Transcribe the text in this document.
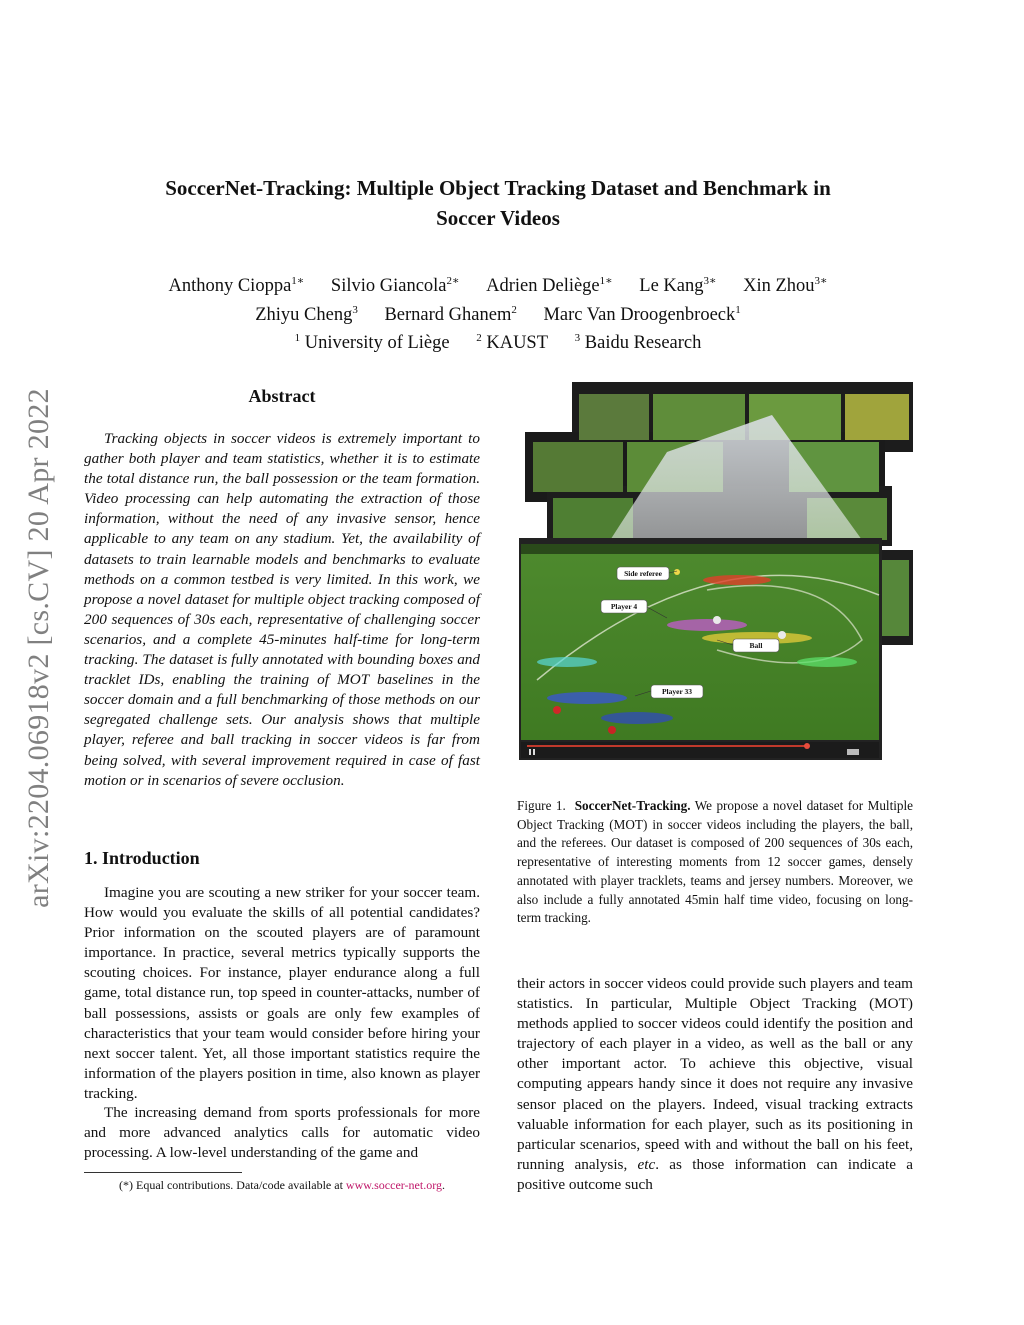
arXiv:2204.06918v2 [cs.CV] 20 Apr 2022
SoccerNet-Tracking: Multiple Object Tracking Dataset and Benchmark in
Soccer Videos
Anthony Cioppa$^{1∗}$ Silvio Giancola$^{2∗}$ Adrien Deliège$^{1∗}$ Le Kang$^{3∗}$ Xin Zhou$^{3∗}$
Zhiyu Cheng$^3$ Bernard Ghanem$^2$ Marc Van Droogenbroeck$^1$
$^1$ University of Liège $^2$ KAUST $^3$ Baidu Research
Abstract
Tracking objects in soccer videos is extremely important to gather both player and team statistics, whether it is to estimate the total distance run, the ball possession or the team formation. Video processing can help automating the extraction of those information, without the need of any invasive sensor, hence applicable to any team on any stadium. Yet, the availability of datasets to train learnable models and benchmarks to evaluate methods on a common testbed is very limited. In this work, we propose a novel dataset for multiple object tracking composed of 200 sequences of 30s each, representative of challenging soccer scenarios, and a complete 45-minutes half-time for long-term tracking. The dataset is fully annotated with bounding boxes and tracklet IDs, enabling the training of MOT baselines in the soccer domain and a full benchmarking of those methods on our segregated challenge sets. Our analysis shows that multiple player, referee and ball tracking in soccer videos is far from being solved, with several improvement required in case of fast motion or in scenarios of severe occlusion.
1. Introduction

Imagine you are scouting a new striker for your soccer team. How would you evaluate the skills of all potential candidates? Prior information on the scouted players are of paramount importance. In practice, several metrics typically supports the scouting choices. For instance, player endurance along a full game, total distance run, top speed in counter-attacks, number of ball possessions, assists or goals are only few examples of characteristics that your team would consider before hiring your next soccer talent. Yet, all those important statistics require the information of the players position in time, also known as player tracking.

The increasing demand from sports professionals for more and more advanced analytics calls for automatic video processing. A low-level understanding of the game and

(*) Equal contributions. Data/code available at www.soccer-net.org.
Side referee
Player 4
Ball
Player 33
Figure 1. SoccerNet-Tracking. We propose a novel dataset for Multiple Object Tracking (MOT) in soccer videos including the players, the ball, and the referees. Our dataset is composed of 200 sequences of 30s each, representative of interesting moments from 12 soccer games, densely annotated with player tracklets, teams and jersey numbers. Moreover, we also include a fully annotated 45min half time video, focusing on long-term tracking.
their actors in soccer videos could provide such players and team statistics. In particular, Multiple Object Tracking (MOT) methods applied to soccer videos could identify the position and trajectory of each player in a video, as well as the ball or any other important actor. To achieve this objective, visual computing appears handy since it does not require any invasive sensor placed on the players. Indeed, visual tracking extracts valuable information for each player, such as its positioning in particular scenarios, speed with and without the ball on his feet, running analysis, etc. as those information can indicate a positive outcome such
